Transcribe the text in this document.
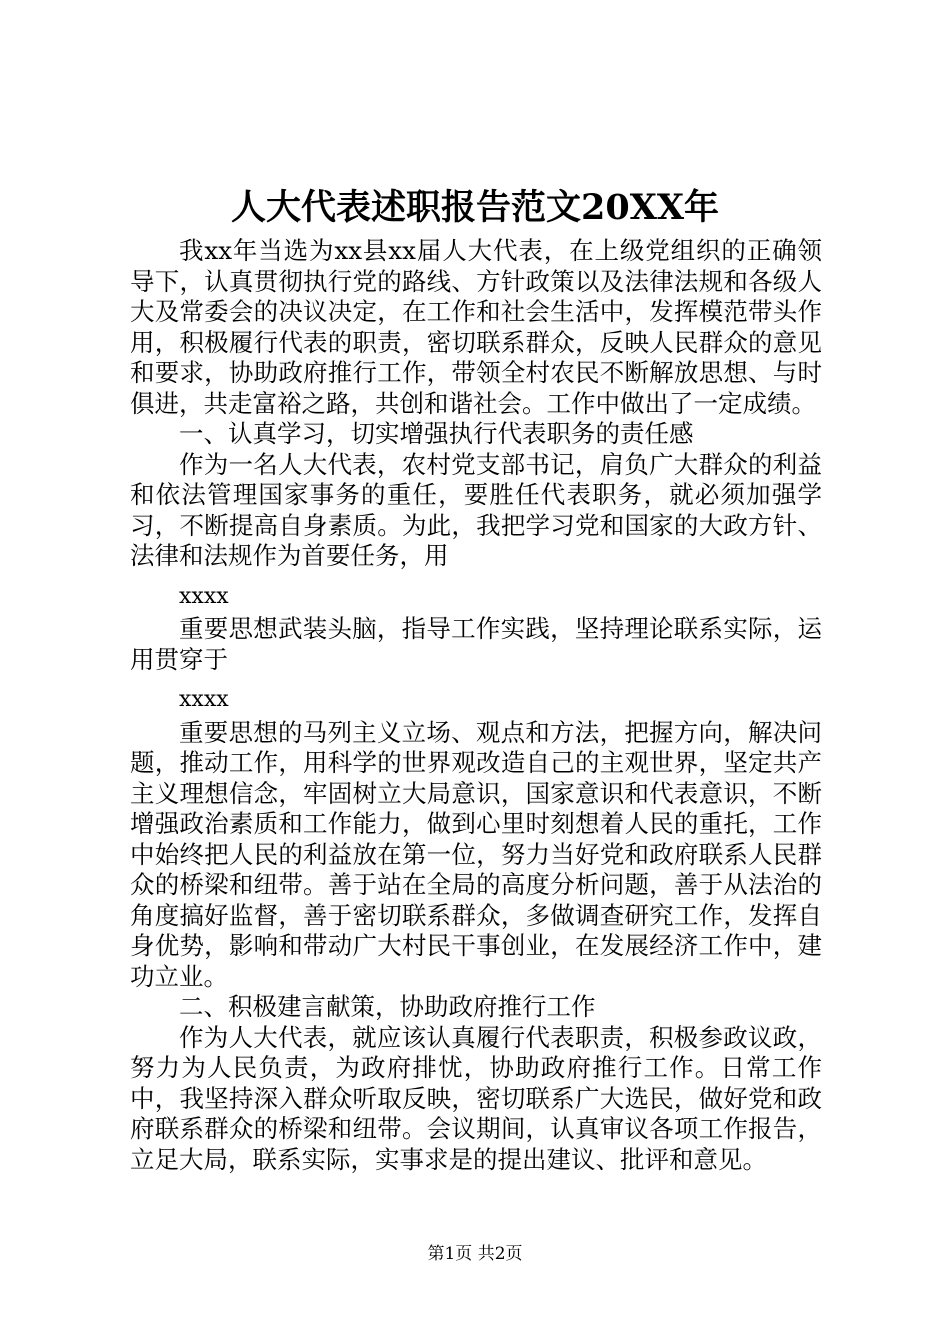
人大代表述职报告范文20XX年

我xx年当选为xx县xx届人大代表，在上级党组织的正确领导下，认真贯彻执行党的路线、方针政策以及法律法规和各级人大及常委会的决议决定，在工作和社会生活中，发挥模范带头作用，积极履行代表的职责，密切联系群众，反映人民群众的意见和要求，协助政府推行工作，带领全村农民不断解放思想、与时俱进，共走富裕之路，共创和谐社会。工作中做出了一定成绩。

一、认真学习，切实增强执行代表职务的责任感

作为一名人大代表，农村党支部书记，肩负广大群众的利益和依法管理国家事务的重任，要胜任代表职务，就必须加强学习，不断提高自身素质。为此，我把学习党和国家的大政方针、法律和法规作为首要任务，用

xxxx

重要思想武装头脑，指导工作实践，坚持理论联系实际，运用贯穿于

xxxx

重要思想的马列主义立场、观点和方法，把握方向，解决问题，推动工作，用科学的世界观改造自己的主观世界，坚定共产主义理想信念，牢固树立大局意识，国家意识和代表意识，不断增强政治素质和工作能力，做到心里时刻想着人民的重托，工作中始终把人民的利益放在第一位，努力当好党和政府联系人民群众的桥梁和纽带。善于站在全局的高度分析问题，善于从法治的角度搞好监督，善于密切联系群众，多做调查研究工作，发挥自身优势，影响和带动广大村民干事创业，在发展经济工作中，建功立业。

二、积极建言献策，协助政府推行工作

作为人大代表，就应该认真履行代表职责，积极参政议政，努力为人民负责，为政府排忧，协助政府推行工作。日常工作中，我坚持深入群众听取反映，密切联系广大选民，做好党和政府联系群众的桥梁和纽带。会议期间，认真审议各项工作报告，立足大局，联系实际，实事求是的提出建议、批评和意见。

第1页 共2页
